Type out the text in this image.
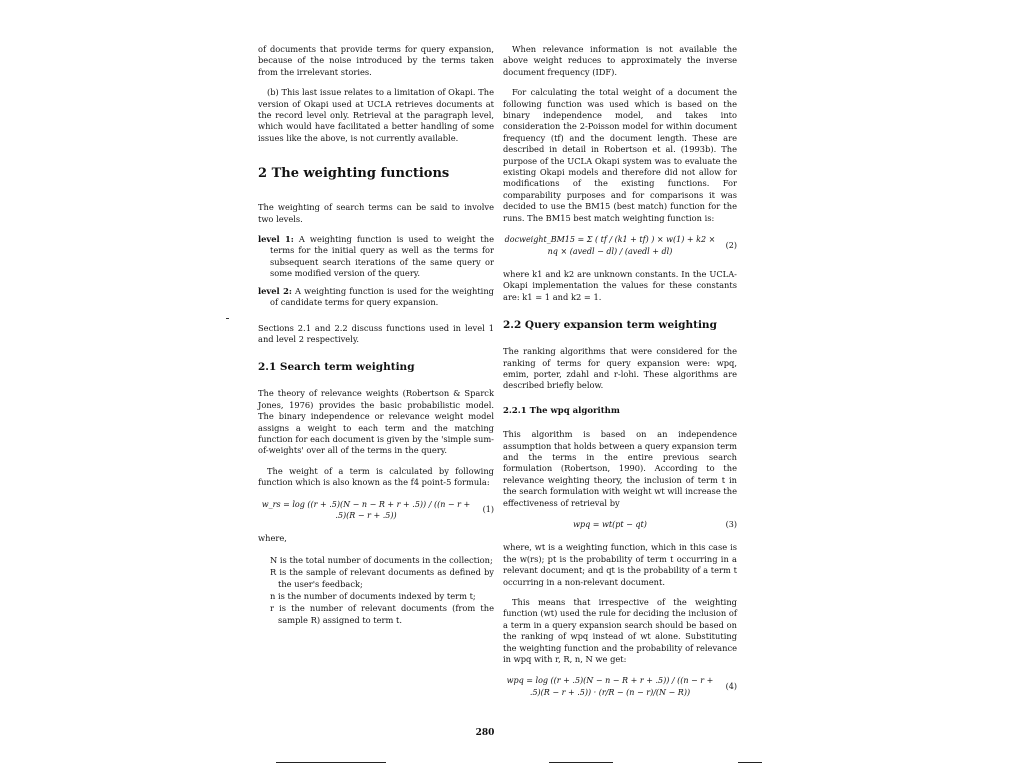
of documents that provide terms for query expansion, because of the noise introduced by the terms taken from the irrelevant stories.

(b) This last issue relates to a limitation of Okapi. The version of Okapi used at UCLA retrieves documents at the record level only. Retrieval at the paragraph level, which would have facilitated a better handling of some issues like the above, is not currently available.

2 The weighting functions

The weighting of search terms can be said to involve two levels.

level 1: A weighting function is used to weight the terms for the initial query as well as the terms for subsequent search iterations of the same query or some modified version of the query.
level 2: A weighting function is used for the weighting of candidate terms for query expansion.

Sections 2.1 and 2.2 discuss functions used in level 1 and level 2 respectively.

2.1 Search term weighting

The theory of relevance weights (Robertson & Sparck Jones, 1976) provides the basic probabilistic model. The binary independence or relevance weight model assigns a weight to each term and the matching function for each document is given by the 'simple sum-of-weights' over all of the terms in the query.

The weight of a term is calculated by following function which is also known as the f4 point-5 formula:

w_rs = log ((r + .5)(N − n − R + r + .5)) / ((n − r + .5)(R − r + .5))
(1)

where,

N is the total number of documents in the collection;
R is the sample of relevant documents as defined by the user's feedback;
n is the number of documents indexed by term t;
r is the number of relevant documents (from the sample R) assigned to term t.

When relevance information is not available the above weight reduces to approximately the inverse document frequency (IDF).

For calculating the total weight of a document the following function was used which is based on the binary independence model, and takes into consideration the 2-Poisson model for within document frequency (tf) and the document length. These are described in detail in Robertson et al. (1993b). The purpose of the UCLA Okapi system was to evaluate the existing Okapi models and therefore did not allow for modifications of the existing functions. For comparability purposes and for comparisons it was decided to use the BM15 (best match) function for the runs. The BM15 best match weighting function is:

docweight_BM15 = Σ ( tf / (k1 + tf) ) × w(1) + k2 × nq × (avedl − dl) / (avedl + dl)
(2)

where k1 and k2 are unknown constants. In the UCLA-Okapi implementation the values for these constants are: k1 = 1 and k2 = 1.

2.2 Query expansion term weighting

The ranking algorithms that were considered for the ranking of terms for query expansion were: wpq, emim, porter, zdahl and r-lohi. These algorithms are described briefly below.

2.2.1 The wpq algorithm

This algorithm is based on an independence assumption that holds between a query expansion term and the terms in the entire previous search formulation (Robertson, 1990). According to the relevance weighting theory, the inclusion of term t in the search formulation with weight wt will increase the effectiveness of retrieval by

wpq = wt(pt − qt)	(3)

where, wt is a weighting function, which in this case is the w(rs); pt is the probability of term t occurring in a relevant document; and qt is the probability of a term t occurring in a non-relevant document.

This means that irrespective of the weighting function (wt) used the rule for deciding the inclusion of a term in a query expansion search should be based on the ranking of wpq instead of wt alone. Substituting the weighting function and the probability of relevance in wpq with r, R, n, N we get:

wpq = log ((r + .5)(N − n − R + r + .5)) / ((n − r + .5)(R − r + .5)) · (r/R − (n − r)/(N − R))
(4)
280
